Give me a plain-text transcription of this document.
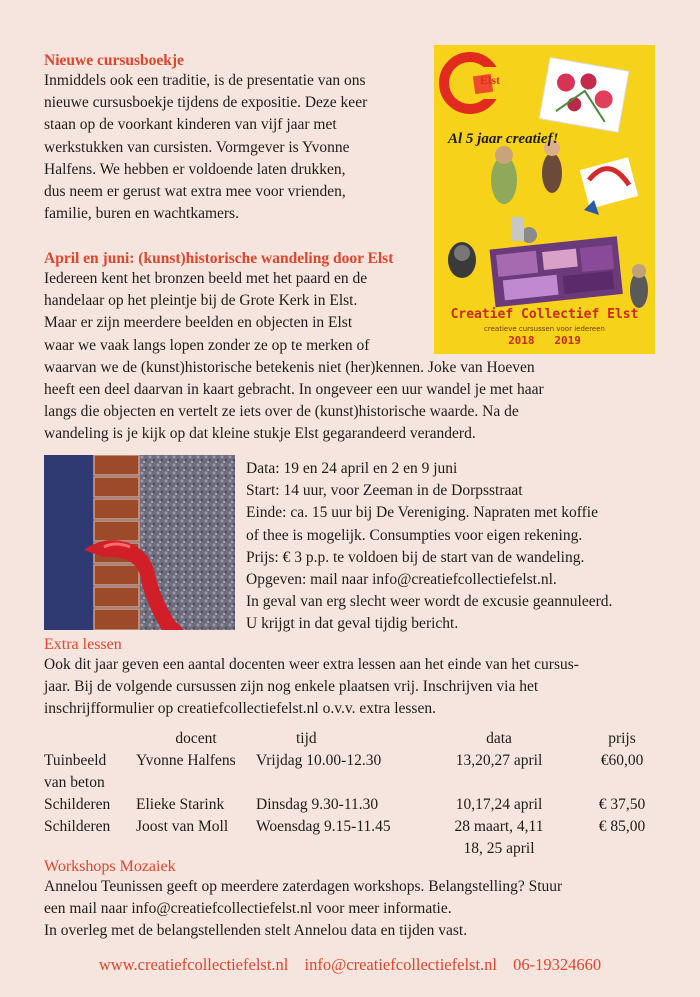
Nieuwe cursusboekje
Inmiddels ook een traditie, is de presentatie van ons
nieuwe cursusboekje tijdens de expositie. Deze keer
staan op de voorkant kinderen van vijf jaar met
werkstukken van cursisten. Vormgever is Yvonne
Halfens. We hebben er voldoende laten drukken,
dus neem er gerust wat extra mee voor vrienden,
familie, buren en wachtkamers.
Elst
Al 5 jaar creatief!
Creatief Collectief Elst
creatieve cursussen voor iedereen
2018   2019
April en juni: (kunst)historische wandeling door Elst
Iedereen kent het bronzen beeld met het paard en de
handelaar op het pleintje bij de Grote Kerk in Elst.
Maar er zijn meerdere beelden en objecten in Elst
waar we vaak langs lopen zonder ze op te merken of
waarvan we de (kunst)historische betekenis niet (her)kennen. Joke van Hoeven
heeft een deel daarvan in kaart gebracht. In ongeveer een uur wandel je met haar
langs die objecten en vertelt ze iets over de (kunst)historische waarde. Na de
wandeling is je kijk op dat kleine stukje Elst gegarandeerd veranderd.
Data: 19 en 24 april en 2 en 9 juni
Start: 14 uur, voor Zeeman in de Dorpsstraat
Einde: ca. 15 uur bij De Vereniging. Napraten met koffie
of thee is mogelijk. Consumpties voor eigen rekening.
Prijs: € 3 p.p. te voldoen bij de start van de wandeling.
Opgeven: mail naar info@creatiefcollectiefelst.nl.
In geval van erg slecht weer wordt de excusie geannuleerd.
U krijgt in dat geval tijdig bericht.
Extra lessen
Ook dit jaar geven een aantal docenten weer extra lessen aan het einde van het cursus-
jaar. Bij de volgende cursussen zijn nog enkele plaatsen vrij. Inschrijven via het
inschrijfformulier op creatiefcollectiefelst.nl o.v.v. extra lessen.
	docent	tijd	data	prijs
Tuinbeeld	Yvonne Halfens	Vrijdag 10.00-12.30	13,20,27 april	€60,00
van beton				
Schilderen	Elieke Starink	Dinsdag 9.30-11.30	10,17,24 april	€ 37,50
Schilderen	Joost van Moll	Woensdag 9.15-11.45	28 maart, 4,11	€ 85,00
			18, 25 april	
Workshops Mozaiek
Annelou Teunissen geeft op meerdere zaterdagen workshops. Belangstelling? Stuur
een mail naar info@creatiefcollectiefelst.nl voor meer informatie.
In overleg met de belangstellenden stelt Annelou data en tijden vast.
www.creatiefcollectiefelst.nl info@creatiefcollectiefelst.nl 06-19324660
